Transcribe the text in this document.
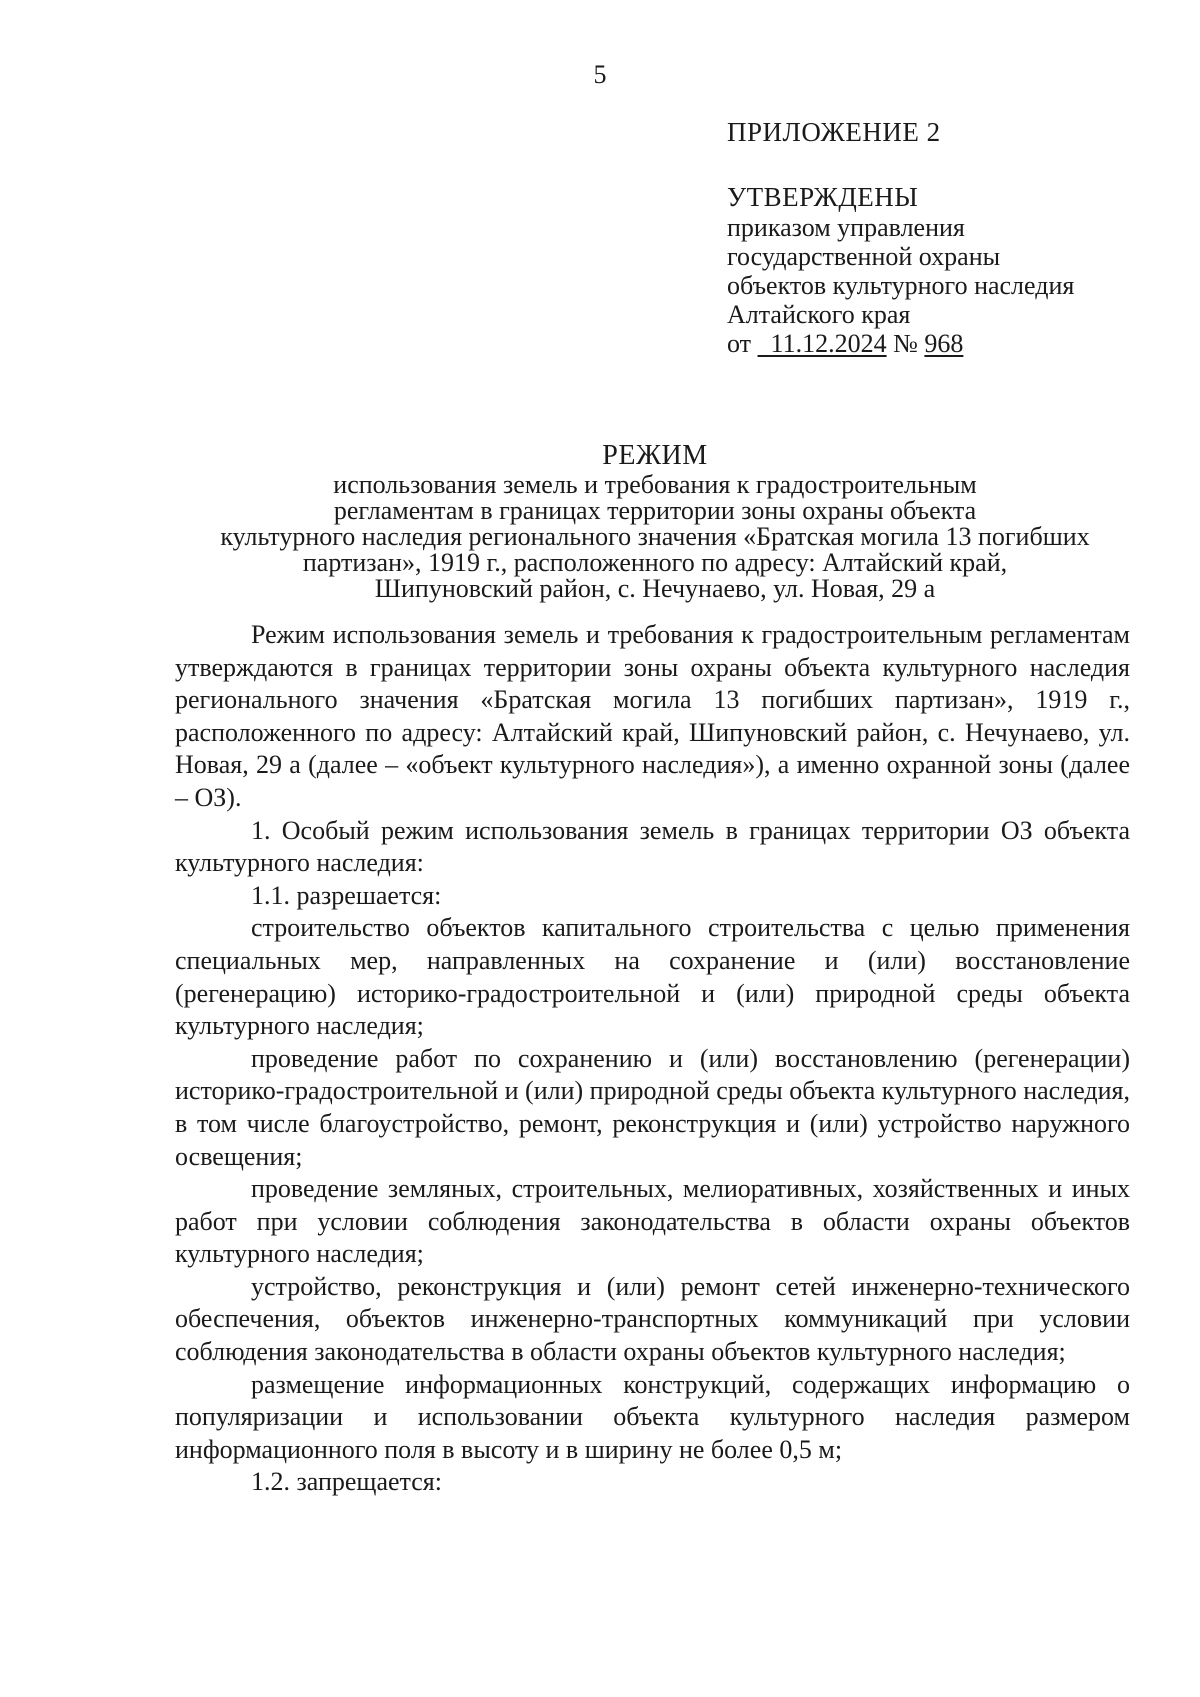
5
ПРИЛОЖЕНИЕ 2
УТВЕРЖДЕНЫ
приказом управления
государственной охраны
объектов культурного наследия
Алтайского края
от 11.12.2024 № 968
РЕЖИМ
использования земель и требования к градостроительным
регламентам в границах территории зоны охраны объекта
культурного наследия регионального значения «Братская могила 13 погибших
партизан», 1919 г., расположенного по адресу: Алтайский край,
Шипуновский район, с. Нечунаево, ул. Новая, 29 а

Режим использования земель и требования к градостроительным регламентам утверждаются в границах территории зоны охраны объекта культурного наследия регионального значения «Братская могила 13 погибших партизан», 1919 г., расположенного по адресу: Алтайский край, Шипуновский район, с. Нечунаево, ул. Новая, 29 а (далее – «объект культурного наследия»), а именно охранной зоны (далее – ОЗ).

1. Особый режим использования земель в границах территории ОЗ объекта культурного наследия:

1.1. разрешается:

строительство объектов капитального строительства с целью применения специальных мер, направленных на сохранение и (или) восстановление (регенерацию) историко-градостроительной и (или) природной среды объекта культурного наследия;

проведение работ по сохранению и (или) восстановлению (регенерации) историко-градостроительной и (или) природной среды объекта культурного наследия, в том числе благоустройство, ремонт, реконструкция и (или) устройство наружного освещения;

проведение земляных, строительных, мелиоративных, хозяйственных и иных работ при условии соблюдения законодательства в области охраны объектов культурного наследия;

устройство, реконструкция и (или) ремонт сетей инженерно-технического обеспечения, объектов инженерно-транспортных коммуникаций при условии соблюдения законодательства в области охраны объектов культурного наследия;

размещение информационных конструкций, содержащих информацию о популяризации и использовании объекта культурного наследия размером информационного поля в высоту и в ширину не более 0,5 м;

1.2. запрещается:
